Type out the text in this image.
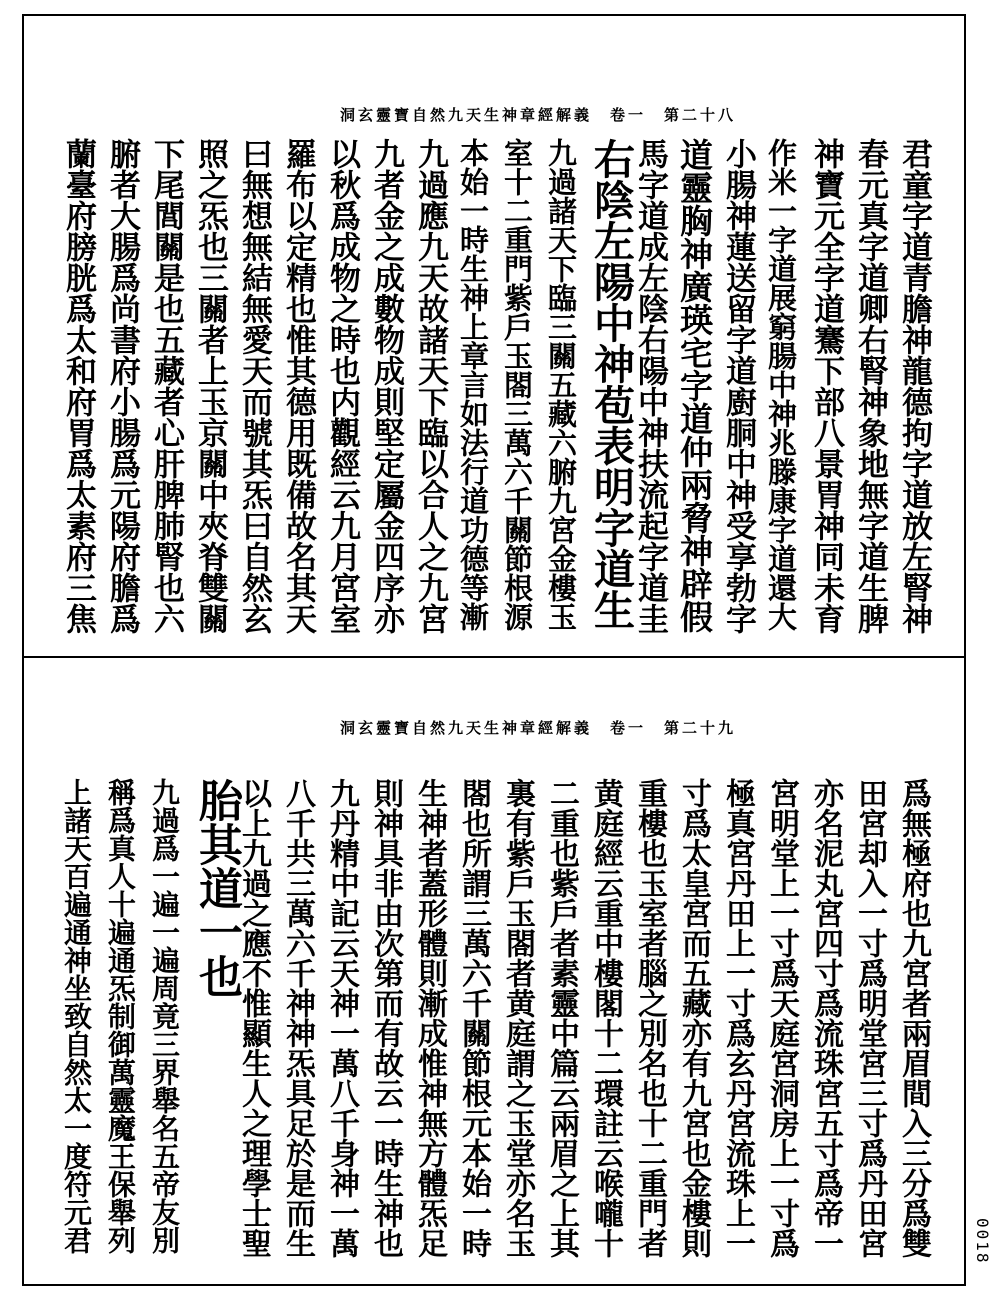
洞玄靈寶自然九天生神章經解義　卷一　第二十八
君童字道青膽神龍德拘字道放左腎神
春元真字道卿右腎神象地無字道生脾
神寶元全字道騫下部八景胃神同未育
作米一字道展窮腸中神兆滕康字道還大
小腸神蓮送留字道廚胴中神受享勃字
道靈胸神廣瑛宅字道仲兩脅神辟假
馬字道成左陰右陽中神扶流起字道圭
右陰左陽中神苞表明字道生
九過諸天下臨三關五藏六腑九宮金樓玉
室十二重門紫戶玉閤三萬六千關節根源
本始一時生神上章言如法行道功德等漸
九過應九天故諸天下臨以合人之九宮
九者金之成數物成則堅定屬金四序亦
以秋爲成物之時也内觀經云九月宮室
羅布以定精也惟其德用既備故名其天
曰無想無結無愛天而號其炁曰自然玄
照之炁也三關者上玉京關中夾脊雙關
下尾閭關是也五藏者心肝脾肺腎也六
腑者大腸爲尚書府小腸爲元陽府膽爲
蘭臺府膀胱爲太和府胃爲太素府三焦
洞玄靈寶自然九天生神章經解義　卷一　第二十九
爲無極府也九宮者兩眉間入三分爲雙
田宮却入一寸爲明堂宮三寸爲丹田宮
亦名泥丸宮四寸爲流珠宮五寸爲帝一
宮明堂上一寸爲天庭宮洞房上一寸爲
極真宮丹田上一寸爲玄丹宮流珠上一
寸爲太皇宮而五藏亦有九宮也金樓則
重樓也玉室者腦之別名也十二重門者
黄庭經云重中樓閣十二環註云喉嚨十
二重也紫戶者素靈中篇云兩眉之上其
裏有紫戶玉閤者黄庭謂之玉堂亦名玉
閤也所謂三萬六千關節根元本始一時
生神者蓋形體則漸成惟神無方體炁足
則神具非由次第而有故云一時生神也
九丹精中記云天神一萬八千身神一萬
八千共三萬六千神神炁具足於是而生
以上九過之應不惟顯生人之理學士聖
胎其道一也
九過爲一遍一遍周竟三界舉名五帝友別
稱爲真人十遍通炁制御萬靈魔王保舉列
上諸天百遍通神坐致自然太一度符元君	0018
